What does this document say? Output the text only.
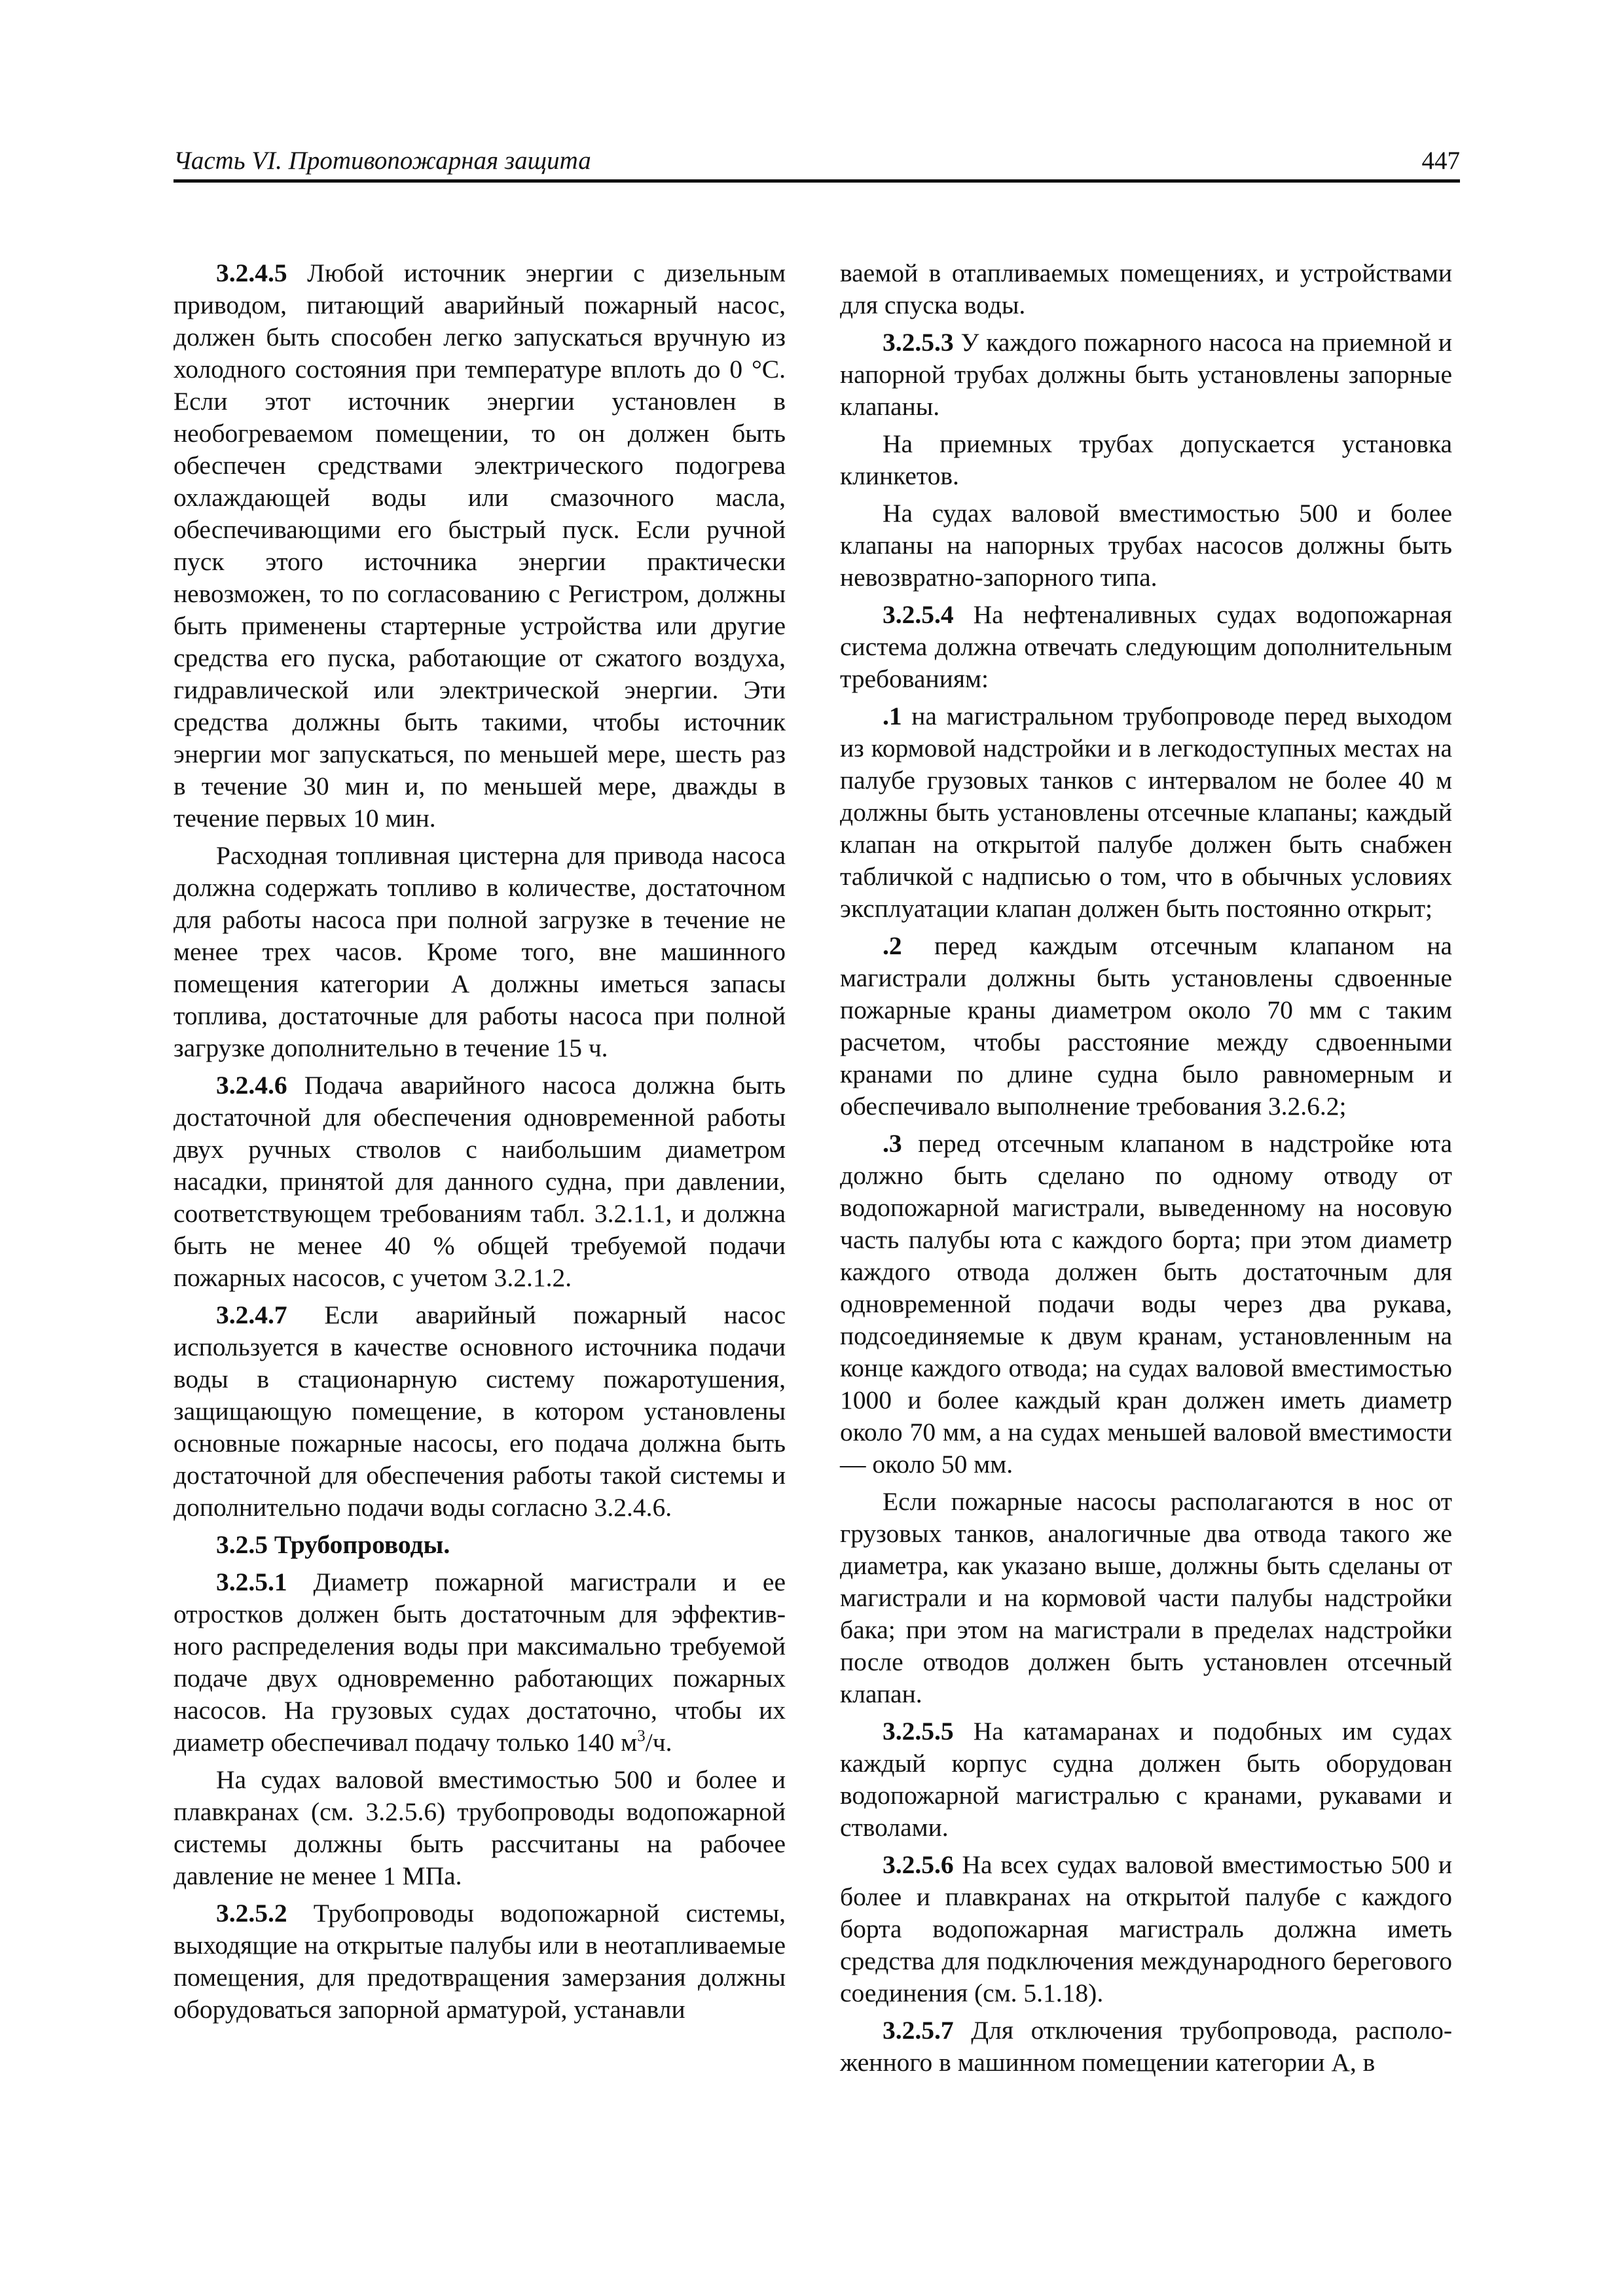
Часть VI. Противопожарная защита	447

3.2.4.5 Любой источник энергии с дизельным приводом, питающий аварийный пожарный насос, должен быть способен легко запускаться вручную из холодного состояния при температуре вплоть до 0 °С. Если этот источник энергии установлен в необогреваемом помещении, то он должен быть обеспечен средствами электрического подогрева охлаждающей воды или смазочного масла, обеспечивающими его быстрый пуск. Если ручной пуск этого источника энергии практически невозможен, то по согласованию с Регистром, должны быть применены стартерные устройства или другие средства его пуска, работающие от сжатого воздуха, гидравлической или электрической энергии. Эти средства должны быть такими, чтобы источник энергии мог запускаться, по меньшей мере, шесть раз в течение 30 мин и, по меньшей мере, дважды в течение первых 10 мин.

Расходная топливная цистерна для привода насоса должна содержать топливо в количестве, достаточном для работы насоса при полной загрузке в течение не менее трех часов. Кроме того, вне машинного помещения категории А должны иметься запасы топлива, достаточные для работы насоса при полной загрузке дополнительно в течение 15 ч.

3.2.4.6 Подача аварийного насоса должна быть достаточной для обеспечения одновременной работы двух ручных стволов с наибольшим диаметром насадки, принятой для данного судна, при давлении, соответствующем требованиям табл. 3.2.1.1, и должна быть не менее 40 % общей требуемой подачи пожарных насосов, с учетом 3.2.1.2.

3.2.4.7 Если аварийный пожарный насос используется в качестве основного источника подачи воды в стационарную систему пожаротушения, защищающую помещение, в котором установлены основные пожарные насосы, его подача должна быть достаточной для обеспечения работы такой системы и дополнительно подачи воды согласно 3.2.4.6.

3.2.5 Трубопроводы.

3.2.5.1 Диаметр пожарной магистрали и ее отростков должен быть достаточным для эффективного распределения воды при максимально требуемой подаче двух одновременно работающих пожарных насосов. На грузовых судах достаточно, чтобы их диаметр обеспечивал подачу только 140 $м^3/ч$.

На судах валовой вместимостью 500 и более и плавкранах (см. 3.2.5.6) трубопроводы водопожарной системы должны быть рассчитаны на рабочее давление не менее 1 МПа.

3.2.5.2 Трубопроводы водопожарной системы, выходящие на открытые палубы или в неотапливаемые помещения, для предотвращения замерзания должны оборудоваться запорной арматурой, устанавли

ваемой в отапливаемых помещениях, и устройствами для спуска воды.

3.2.5.3 У каждого пожарного насоса на приемной и напорной трубах должны быть установлены запорные клапаны.

На приемных трубах допускается установка клинкетов.

На судах валовой вместимостью 500 и более клапаны на напорных трубах насосов должны быть невозвратно-запорного типа.

3.2.5.4 На нефтеналивных судах водопожарная система должна отвечать следующим дополнительным требованиям:

.1 на магистральном трубопроводе перед выходом из кормовой надстройки и в легкодоступных местах на палубе грузовых танков с интервалом не более 40 м должны быть установлены отсечные клапаны; каждый клапан на открытой палубе должен быть снабжен табличкой с надписью о том, что в обычных условиях эксплуатации клапан должен быть постоянно открыт;

.2 перед каждым отсечным клапаном на магистрали должны быть установлены сдвоенные пожарные краны диаметром около 70 мм с таким расчетом, чтобы расстояние между сдвоенными кранами по длине судна было равномерным и обеспечивало выполнение требования 3.2.6.2;

.3 перед отсечным клапаном в надстройке юта должно быть сделано по одному отводу от водопожарной магистрали, выведенному на носовую часть палубы юта с каждого борта; при этом диаметр каждого отвода должен быть достаточным для одновременной подачи воды через два рукава, подсоединяемые к двум кранам, установленным на конце каждого отвода; на судах валовой вместимостью 1000 и более каждый кран должен иметь диаметр около 70 мм, а на судах меньшей валовой вместимости — около 50 мм.

Если пожарные насосы располагаются в нос от грузовых танков, аналогичные два отвода такого же диаметра, как указано выше, должны быть сделаны от магистрали и на кормовой части палубы надстройки бака; при этом на магистрали в пределах надстройки после отводов должен быть установлен отсечный клапан.

3.2.5.5 На катамаранах и подобных им судах каждый корпус судна должен быть оборудован водопожарной магистралью с кранами, рукавами и стволами.

3.2.5.6 На всех судах валовой вместимостью 500 и более и плавкранах на открытой палубе с каждого борта водопожарная магистраль должна иметь средства для подключения международного берегового соединения (см. 5.1.18).

3.2.5.7 Для отключения трубопровода, расположенного в машинном помещении категории А, в
